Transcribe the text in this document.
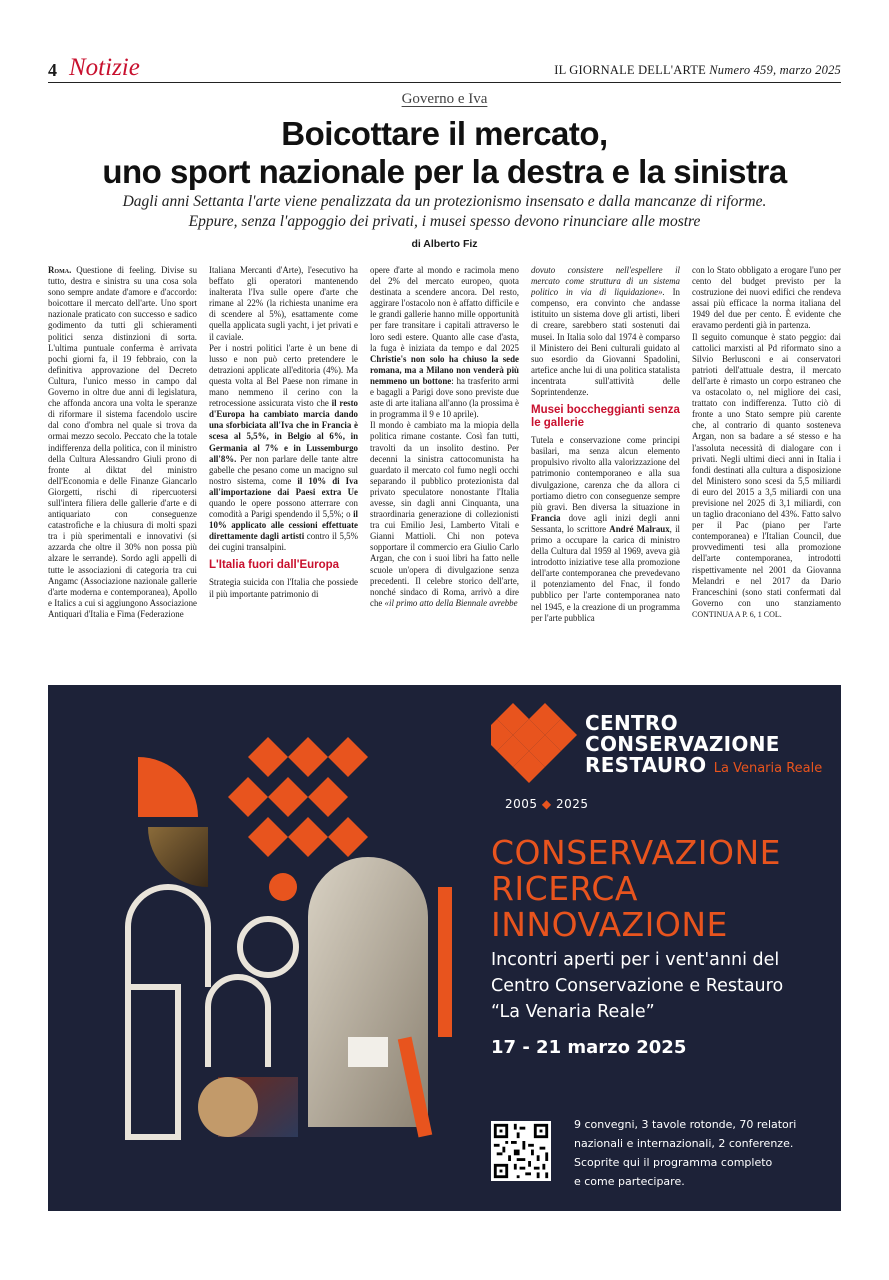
4 Notizie	IL GIORNALE DELL'ARTE Numero 459, marzo 2025
Governo e Iva
Boicottare il mercato,
uno sport nazionale per la destra e la sinistra
Dagli anni Settanta l'arte viene penalizzata da un protezionismo insensato e dalla mancanze di riforme.
Eppure, senza l'appoggio dei privati, i musei spesso devono rinunciare alle mostre
di Alberto Fiz

Roma. Questione di feeling. Divise su tutto, destra e sinistra su una cosa sola sono sempre andate d'amore e d'accordo: boicottare il mercato dell'arte. Uno sport nazionale praticato con successo e sadico godimento da tutti gli schieramenti politici senza distinzioni di sorta. L'ultima puntuale conferma è arrivata pochi giorni fa, il 19 febbraio, con la definitiva approvazione del Decreto Cultura, l'unico messo in campo dal Governo in oltre due anni di legislatura, che affonda ancora una volta le speranze di riformare il sistema facendolo uscire dal cono d'ombra nel quale si trova da ormai mezzo secolo. Peccato che la totale indifferenza della politica, con il ministro della Cultura Alessandro Giuli prono di fronte al diktat del ministro dell'Economia e delle Finanze Giancarlo Giorgetti, rischi di ripercuotersi sull'intera filiera delle gallerie d'arte e di antiquariato con conseguenze catastrofiche e la chiusura di molti spazi tra i più sperimentali e innovativi (si azzarda che oltre il 30% non possa più alzare le serrande). Sordo agli appelli di tutte le associazioni di categoria tra cui Angamc (Associazione nazionale gallerie d'arte moderna e contemporanea), Apollo e Italics a cui si aggiungono Associazione Antiquari d'Italia e Fima (Federazione

Italiana Mercanti d'Arte), l'esecutivo ha beffato gli operatori mantenendo inalterata l'Iva sulle opere d'arte che rimane al 22% (la richiesta unanime era di scendere al 5%), esattamente come quella applicata sugli yacht, i jet privati e il caviale.

Per i nostri politici l'arte è un bene di lusso e non può certo pretendere le detrazioni applicate all'editoria (4%). Ma questa volta al Bel Paese non rimane in mano nemmeno il cerino con la retrocessione assicurata visto che il resto d'Europa ha cambiato marcia dando una sforbiciata all'Iva che in Francia è scesa al 5,5%, in Belgio al 6%, in Germania al 7% e in Lussemburgo all'8%. Per non parlare delle tante altre gabelle che pesano come un macigno sul nostro sistema, come il 10% di Iva all'importazione dai Paesi extra Ue quando le opere possono atterrare con comodità a Parigi spendendo il 5,5%; o il 10% applicato alle cessioni effettuate direttamente dagli artisti contro il 5,5% dei cugini transalpini.

L'Italia fuori dall'Europa

Strategia suicida con l'Italia che possiede il più importante patrimonio di

opere d'arte al mondo e racimola meno del 2% del mercato europeo, quota destinata a scendere ancora. Del resto, aggirare l'ostacolo non è affatto difficile e le grandi gallerie hanno mille opportunità per fare transitare i capitali attraverso le loro sedi estere. Quanto alle case d'asta, la fuga è iniziata da tempo e dal 2025 Christie's non solo ha chiuso la sede romana, ma a Milano non venderà più nemmeno un bottone: ha trasferito armi e bagagli a Parigi dove sono previste due aste di arte italiana all'anno (la prossima è in programma il 9 e 10 aprile).

Il mondo è cambiato ma la miopia della politica rimane costante. Così fan tutti, travolti da un insolito destino. Per decenni la sinistra cattocomunista ha guardato il mercato col fumo negli occhi separando il pubblico protezionista dal privato speculatore nonostante l'Italia avesse, sin dagli anni Cinquanta, una straordinaria generazione di collezionisti tra cui Emilio Jesi, Lamberto Vitali e Gianni Mattioli. Chi non poteva sopportare il commercio era Giulio Carlo Argan, che con i suoi libri ha fatto nelle scuole un'opera di divulgazione senza precedenti. Il celebre storico dell'arte, nonché sindaco di Roma, arrivò a dire che «il primo atto della Biennale avrebbe

dovuto consistere nell'espellere il mercato come struttura di un sistema politico in via di liquidazione». In compenso, era convinto che andasse istituito un sistema dove gli artisti, liberi di creare, sarebbero stati sostenuti dai musei. In Italia solo dal 1974 è comparso il Ministero dei Beni culturali guidato al suo esordio da Giovanni Spadolini, artefice anche lui di una politica statalista incentrata sull'attività delle Soprintendenze.

Musei boccheggianti senza le gallerie

Tutela e conservazione come principi basilari, ma senza alcun elemento propulsivo rivolto alla valorizzazione del patrimonio contemporaneo e alla sua divulgazione, carenza che da allora ci portiamo dietro con conseguenze sempre più gravi. Ben diversa la situazione in Francia dove agli inizi degli anni Sessanta, lo scrittore André Malraux, il primo a occupare la carica di ministro della Cultura dal 1959 al 1969, aveva già introdotto iniziative tese alla promozione dell'arte contemporanea che prevedevano il potenziamento del Fnac, il fondo pubblico per l'arte contemporanea nato nel 1945, e la creazione di un programma per l'arte pubblica

con lo Stato obbligato a erogare l'uno per cento del budget previsto per la costruzione dei nuovi edifici che rendeva assai più efficace la norma italiana del 1949 del due per cento. È evidente che eravamo perdenti già in partenza.

Il seguito comunque è stato peggio: dai cattolici marxisti al Pd riformato sino a Silvio Berlusconi e ai conservatori patrioti dell'attuale destra, il mercato dell'arte è rimasto un corpo estraneo che va ostacolato o, nel migliore dei casi, trattato con indifferenza. Tutto ciò di fronte a uno Stato sempre più carente che, al contrario di quanto sosteneva Argan, non sa badare a sé stesso e ha l'assoluta necessità di dialogare con i privati. Negli ultimi dieci anni in Italia i fondi destinati alla cultura a disposizione del Ministero sono scesi da 5,5 miliardi di euro del 2015 a 3,5 miliardi con una previsione nel 2025 di 3,1 miliardi, con un taglio draconiano del 43%. Fatto salvo per il Pac (piano per l'arte contemporanea) e l'Italian Council, due provvedimenti tesi alla promozione dell'arte contemporanea, introdotti rispettivamente nel 2001 da Giovanna Melandri e nel 2017 da Dario Franceschini (sono stati confermati dal Governo con uno stanziamento CONTINUA A P. 6, 1 COL.

CENTRO
CONSERVAZIONE
RESTAURO La Venaria Reale
2005 ◆ 2025
CONSERVAZIONE
RICERCA
INNOVAZIONE
Incontri aperti per i vent'anni del
Centro Conservazione e Restauro
“La Venaria Reale”
17 - 21 marzo 2025
9 convegni, 3 tavole rotonde, 70 relatori
nazionali e internazionali, 2 conferenze.
Scoprite qui il programma completo
e come partecipare.
